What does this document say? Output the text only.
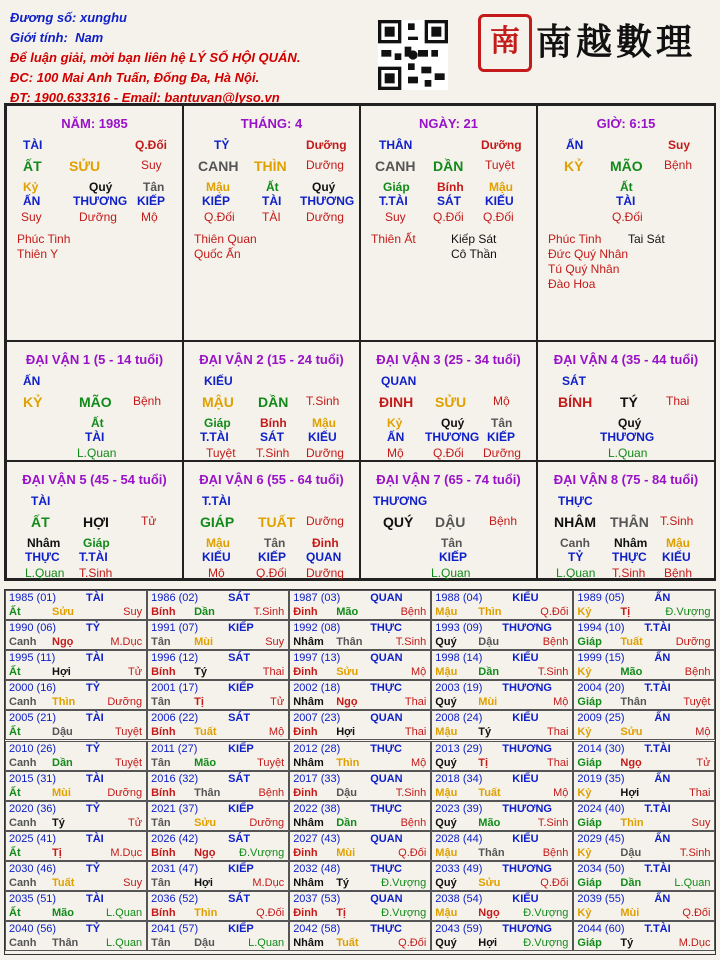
Đương số: xunghu
Giới tính: Nam
Để luận giải, mời bạn liên hệ LÝ SỐ HỘI QUÁN.
ĐC: 100 Mai Anh Tuấn, Đống Đa, Hà Nội.
ĐT: 1900.633316 - Email: bantuvan@lyso.vn
南 南越數理
NĂM: 1985
TÀI	Q.Đối
ẤT SỬU	Suy
Kỷ	Quý	Tân
ẤN	THƯƠNG KIẾP
Suy	Dưỡng Mộ
Phúc Tinh
Thiên Y
THÁNG: 4
TỶ	Dưỡng
CANH THÌN Dưỡng
Mậu	Ất	Quý
KIẾP	TÀI THƯƠNG
Q.Đối TÀI Dưỡng
Thiên Quan
Quốc Ấn
NGÀY: 21
THÂN	Dưỡng
CANH DẦN Tuyệt
Giáp Bính Mậu
T.TÀI SÁT KIẾU
Suy Q.Đối Q.Đối
Thiên Ất	Kiếp Sát
Cô Thần
GIỜ: 6:15
ẤN	Suy
KỶ MÃO Bệnh
Ất
TÀI
Q.Đối
Phúc Tinh Tai Sát
Đức Quý Nhân
Tú Quý Nhân
Đào Hoa
ĐẠI VẬN 1 (5 - 14 tuổi)
ẤN
KỶ	MÃO Bệnh
Ất
TÀI
L.Quan
ĐẠI VẬN 2 (15 - 24 tuổi)
KIẾU
MẬU DẦN T.Sinh
Giáp Bính Mậu
T.TÀI	SÁT KIẾU
Tuyệt T.Sinh Dưỡng
ĐẠI VẬN 3 (25 - 34 tuổi)
QUAN
ĐINH SỬU Mộ
Kỷ	Quý Tân
ẤN THƯƠNG KIẾP
Mộ Q.Đối Dưỡng
ĐẠI VẬN 4 (35 - 44 tuổi)
SÁT
BÍNH TÝ Thai
Quý
THƯƠNG
L.Quan
ĐẠI VẬN 5 (45 - 54 tuổi)
TÀI
ẤT HỢI	Tử
Nhâm Giáp
THỰC T.TÀI
L.Quan T.Sinh
ĐẠI VẬN 6 (55 - 64 tuổi)
T.TÀI
GIÁP TUẤT Dưỡng
Mậu	Tân Đinh
KIẾU KIẾP QUAN
Mộ	Q.Đối Dưỡng
ĐẠI VẬN 7 (65 - 74 tuổi)
THƯƠNG
QUÝ DẬU Bệnh
Tân
KIẾP
L.Quan
ĐẠI VẬN 8 (75 - 84 tuổi)
THỰC
NHÂM THÂN T.Sinh
Canh Nhâm Mậu
TỶ THỰC KIẾU
L.Quan T.Sinh Bệnh
1985 (01)	TÀI
Ất	Sửu	Suy
1986 (02)	SÁT
Bính Dần	T.Sinh
1987 (03)	QUAN
Đinh Mão	Bệnh
1988 (04)	KIẾU
Mậu Thìn	Q.Đối
1989 (05)	ẤN
Kỷ	Tị	Đ.Vượng
1990 (06)	TỶ
Canh Ngọ	M.Dục
1991 (07)	KIẾP
Tân Mùi	Suy
1992 (08)	THỰC
Nhâm Thân	T.Sinh
1993 (09) THƯƠNG
Quý Dậu	Bệnh
1994 (10) T.TÀI
Giáp Tuất	Dưỡng
1995 (11)	TÀI
Ất	Hợi	Tử
1996 (12)	SÁT
Bính Tý	Thai
1997 (13)	QUAN
Đinh Sửu	Mộ
1998 (14)	KIẾU
Mậu Dần	T.Sinh
1999 (15)	ẤN
Kỷ	Mão	Bệnh
2000 (16)	TỶ
Canh Thìn	Dưỡng
2001 (17)	KIẾP
Tân Tị	Tử
2002 (18)	THỰC
Nhâm Ngọ	Thai
2003 (19) THƯƠNG
Quý Mùi	Mộ
2004 (20) T.TÀI
Giáp Thân	Tuyệt
2005 (21)	TÀI
Ất	Dậu	Tuyệt
2006 (22)	SÁT
Bính Tuất	Mộ
2007 (23)	QUAN
Đinh Hợi	Thai
2008 (24)	KIẾU
Mậu Tý	Thai
2009 (25)	ẤN
Kỷ	Sửu	Mộ
2010 (26)	TỶ
Canh Dần	Tuyệt
2011 (27)	KIẾP
Tân Mão	Tuyệt
2012 (28)	THỰC
Nhâm Thìn	Mộ
2013 (29) THƯƠNG
Quý Tị	Thai
2014 (30) T.TÀI
Giáp Ngọ	Tử
2015 (31)	TÀI
Ất	Mùi	Dưỡng
2016 (32)	SÁT
Bính Thân	Bệnh
2017 (33)	QUAN
Đinh Dậu	T.Sinh
2018 (34)	KIẾU
Mậu Tuất	Mộ
2019 (35)	ẤN
Kỷ	Hợi	Thai
2020 (36)	TỶ
Canh Tý	Tử
2021 (37)	KIẾP
Tân Sửu	Dưỡng
2022 (38)	THỰC
Nhâm Dần	Bệnh
2023 (39) THƯƠNG
Quý Mão	T.Sinh
2024 (40) T.TÀI
Giáp Thìn	Suy
2025 (41)	TÀI
Ất	Tị	M.Dục
2026 (42)	SÁT
Bính Ngọ Đ.Vượng
2027 (43)	QUAN
Đinh Mùi	Q.Đối
2028 (44)	KIẾU
Mậu Thân	Bệnh
2029 (45)	ẤN
Kỷ	Dậu	T.Sinh
2030 (46)	TỶ
Canh Tuất	Suy
2031 (47)	KIẾP
Tân Hợi	M.Dục
2032 (48)	THỰC
Nhâm Tý	Đ.Vượng
2033 (49) THƯƠNG
Quý Sửu	Q.Đối
2034 (50) T.TÀI
Giáp Dần	L.Quan
2035 (51)	TÀI
Ất	Mão	L.Quan
2036 (52)	SÁT
Bính Thìn	Q.Đối
2037 (53)	QUAN
Đinh Tị	Đ.Vượng
2038 (54)	KIẾU
Mậu Ngọ Đ.Vượng
2039 (55)	ẤN
Kỷ	Mùi	Q.Đối
2040 (56)	TỶ
Canh Thân	L.Quan
2041 (57)	KIẾP
Tân Dậu	L.Quan
2042 (58)	THỰC
Nhâm Tuất	Q.Đối
2043 (59) THƯƠNG
Quý Hợi Đ.Vượng
2044 (60) T.TÀI
Giáp Tý	M.Dục
